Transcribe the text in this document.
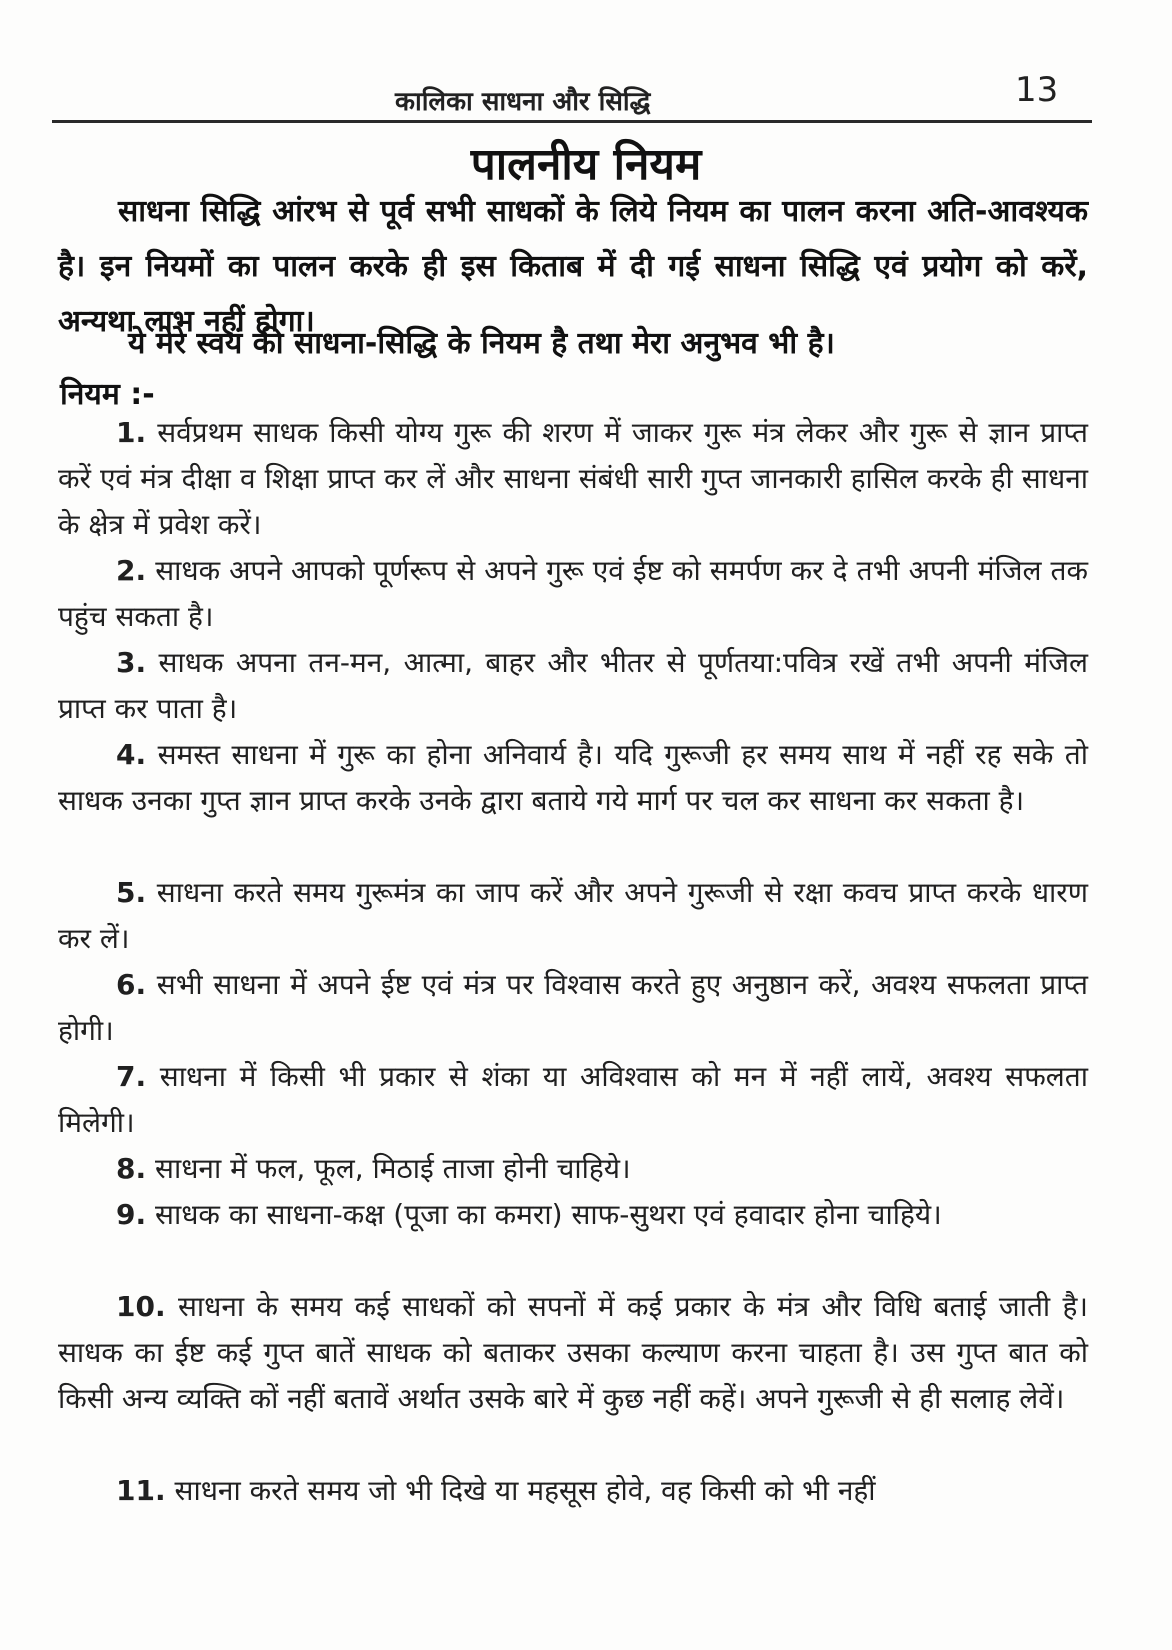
कालिका साधना और सिद्धि	13
पालनीय नियम
साधना सिद्धि आंरभ से पूर्व सभी साधकों के लिये नियम का पालन करना अति-आवश्यक है। इन नियमों का पालन करके ही इस किताब में दी गई साधना सिद्धि एवं प्रयोग को करें, अन्यथा लाभ नहीं होगा।
ये मेरे स्वयं की साधना-सिद्धि के नियम है तथा मेरा अनुभव भी है।
नियम :-
1. सर्वप्रथम साधक किसी योग्य गुरू की शरण में जाकर गुरू मंत्र लेकर और गुरू से ज्ञान प्राप्त करें एवं मंत्र दीक्षा व शिक्षा प्राप्त कर लें और साधना संबंधी सारी गुप्त जानकारी हासिल करके ही साधना के क्षेत्र में प्रवेश करें।
2. साधक अपने आपको पूर्णरूप से अपने गुरू एवं ईष्ट को समर्पण कर दे तभी अपनी मंजिल तक पहुंच सकता है।
3. साधक अपना तन-मन, आत्मा, बाहर और भीतर से पूर्णतया:पवित्र रखें तभी अपनी मंजिल प्राप्त कर पाता है।
4. समस्त साधना में गुरू का होना अनिवार्य है। यदि गुरूजी हर समय साथ में नहीं रह सके तो साधक उनका गुप्त ज्ञान प्राप्त करके उनके द्वारा बताये गये मार्ग पर चल कर साधना कर सकता है।
5. साधना करते समय गुरूमंत्र का जाप करें और अपने गुरूजी से रक्षा कवच प्राप्त करके धारण कर लें।
6. सभी साधना में अपने ईष्ट एवं मंत्र पर विश्वास करते हुए अनुष्ठान करें, अवश्य सफलता प्राप्त होगी।
7. साधना में किसी भी प्रकार से शंका या अविश्वास को मन में नहीं लायें, अवश्य सफलता मिलेगी।
8. साधना में फल, फूल, मिठाई ताजा होनी चाहिये।
9. साधक का साधना-कक्ष (पूजा का कमरा) साफ-सुथरा एवं हवादार होना चाहिये।
10. साधना के समय कई साधकों को सपनों में कई प्रकार के मंत्र और विधि बताई जाती है। साधक का ईष्ट कई गुप्त बातें साधक को बताकर उसका कल्याण करना चाहता है। उस गुप्त बात को किसी अन्य व्यक्ति कों नहीं बतावें अर्थात उसके बारे में कुछ नहीं कहें। अपने गुरूजी से ही सलाह लेवें।
11. साधना करते समय जो भी दिखे या महसूस होवे, वह किसी को भी नहीं
